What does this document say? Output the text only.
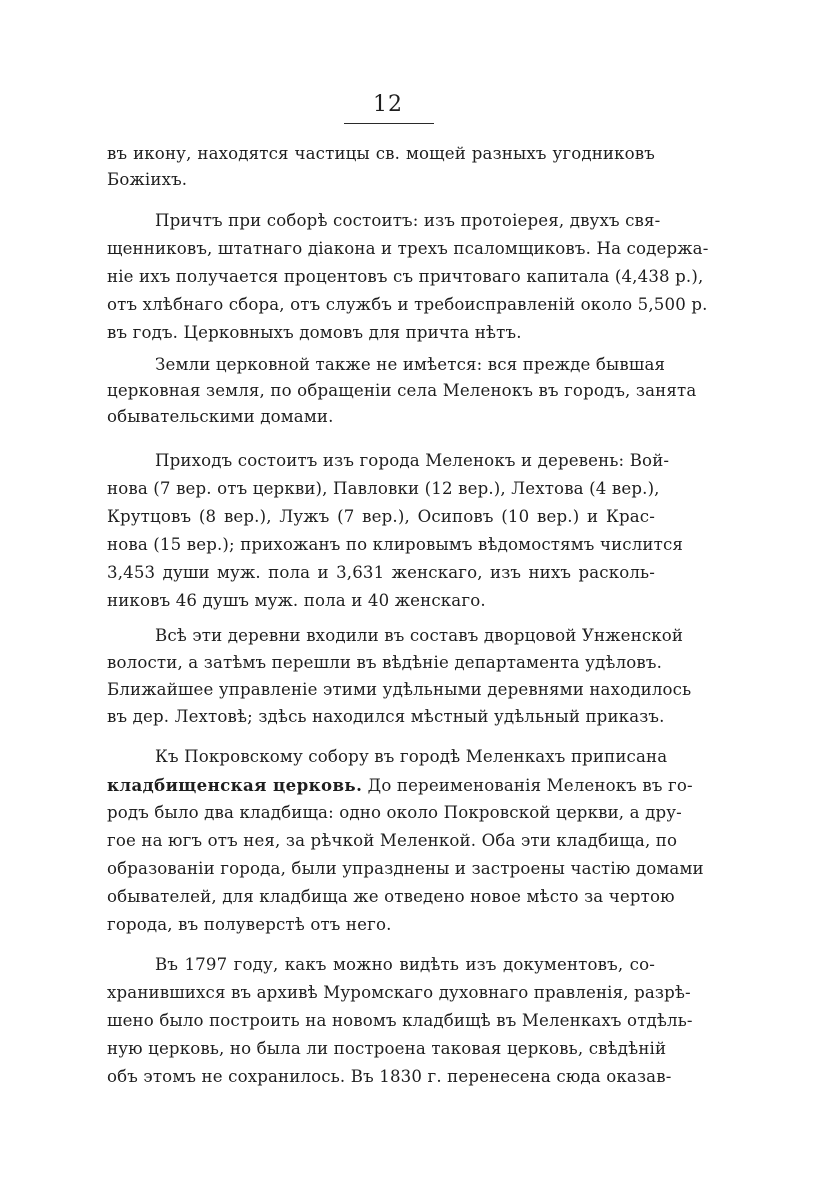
12
въ икону, находятся частицы св. мощей разныхъ угодниковъ
Божіихъ.
Причтъ при соборѣ состоитъ: изъ протоіерея, двухъ свя-
щенниковъ, штатнаго діакона и трехъ псаломщиковъ. На содержа-
ніе ихъ получается процентовъ съ причтоваго капитала (4,438 р.),
отъ хлѣбнаго сбора, отъ службъ и требоисправленій около 5,500 р.
въ годъ. Церковныхъ домовъ для причта нѣтъ.
Земли церковной также не имѣется: вся прежде бывшая
церковная земля, по обращеніи села Меленокъ въ городъ, занята
обывательскими домами.
Приходъ состоитъ изъ города Меленокъ и деревень: Вой-
нова (7 вер. отъ церкви), Павловки (12 вер.), Лехтова (4 вер.),
Крутцовъ (8 вер.), Лужъ (7 вер.), Осиповъ (10 вер.) и Крас-
нова (15 вер.); прихожанъ по клировымъ вѣдомостямъ числится
3,453 души муж. пола и 3,631 женскаго, изъ нихъ расколь-
никовъ 46 душъ муж. пола и 40 женскаго.
Всѣ эти деревни входили въ составъ дворцовой Унженской
волости, а затѣмъ перешли въ вѣдѣніе департамента удѣловъ.
Ближайшее управленіе этими удѣльными деревнями находилось
въ дер. Лехтовѣ; здѣсь находился мѣстный удѣльный приказъ.
Къ Покровскому собору въ городѣ Меленкахъ приписана
кладбищенская церковь. До переименованія Меленокъ въ го-
родъ было два кладбища: одно около Покровской церкви, а дру-
гое на югъ отъ нея, за рѣчкой Меленкой. Оба эти кладбища, по
образованіи города, были упразднены и застроены частію домами
обывателей, для кладбища же отведено новое мѣсто за чертою
города, въ полуверстѣ отъ него.
Въ 1797 году, какъ можно видѣть изъ документовъ, со-
хранившихся въ архивѣ Муромскаго духовнаго правленія, разрѣ-
шено было построить на новомъ кладбищѣ въ Меленкахъ отдѣль-
ную церковь, но была ли построена таковая церковь, свѣдѣній
объ этомъ не сохранилось. Въ 1830 г. перенесена сюда оказав-
